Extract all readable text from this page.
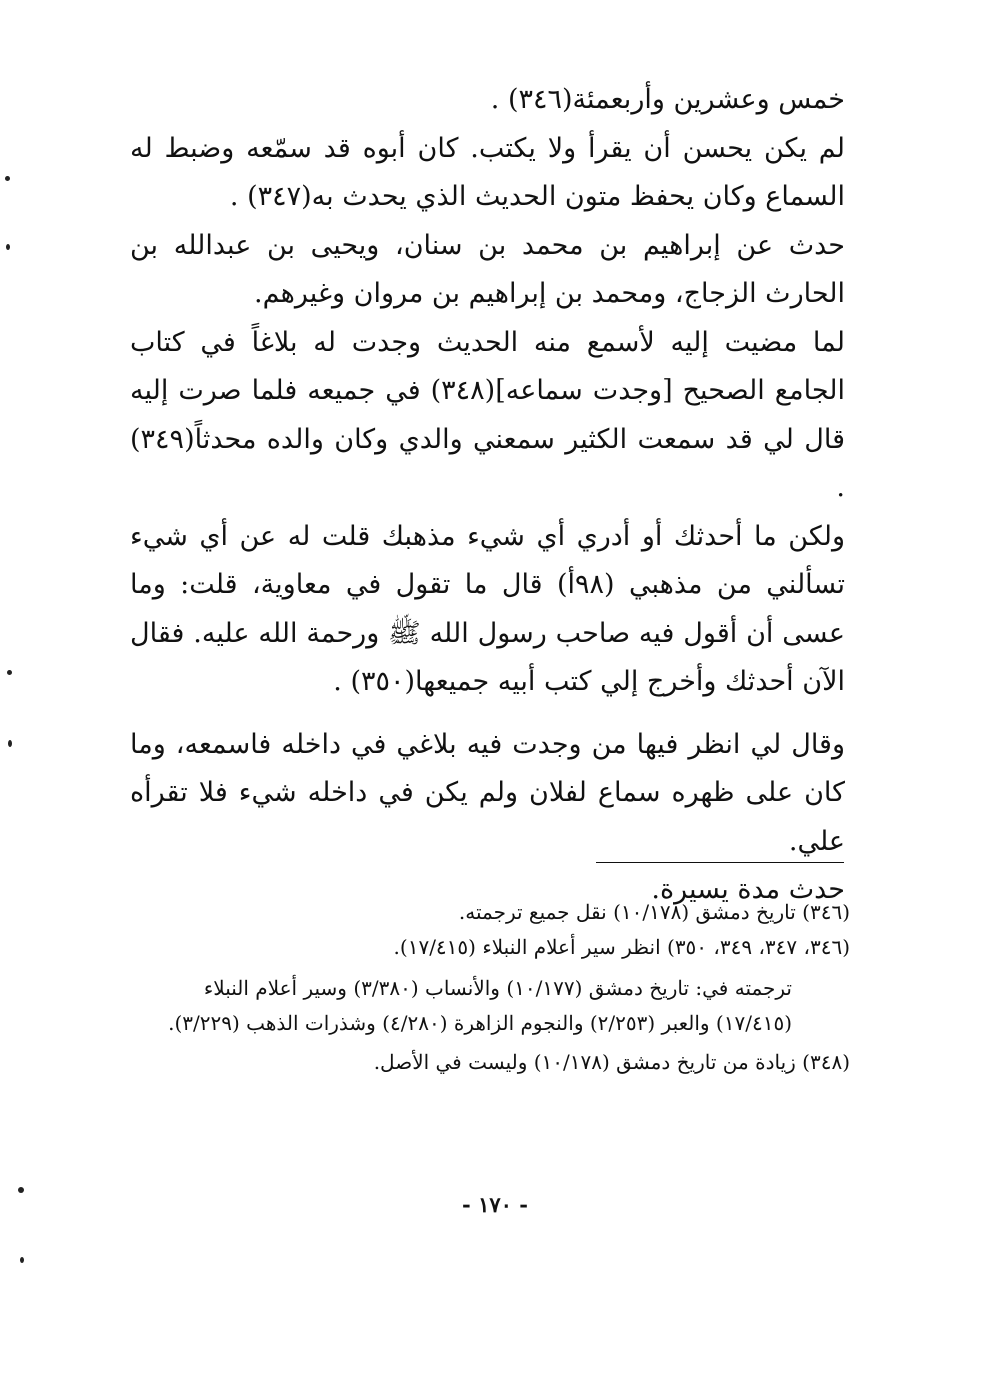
خمس وعشرين وأربعمئة(٣٤٦) .

لم يكن يحسن أن يقرأ ولا يكتب. كان أبوه قد سمّعه وضبط له السماع وكان يحفظ متون الحديث الذي يحدث به(٣٤٧) .

حدث عن إبراهيم بن محمد بن سنان، ويحيى بن عبدالله بن الحارث الزجاج، ومحمد بن إبراهيم بن مروان وغيرهم.

لما مضيت إليه لأسمع منه الحديث وجدت له بلاغاً في كتاب الجامع الصحيح [وجدت سماعه](٣٤٨) في جميعه فلما صرت إليه قال لي قد سمعت الكثير سمعني والدي وكان والده محدثاً(٣٤٩) .

ولكن ما أحدثك أو أدري أي شيء مذهبك قلت له عن أي شيء تسألني من مذهبي (٩٨أ) قال ما تقول في معاوية، قلت: وما عسى أن أقول فيه صاحب رسول الله ﷺ ورحمة الله عليه. فقال الآن أحدثك وأخرج إلي كتب أبيه جميعها(٣٥٠) .

وقال لي انظر فيها من وجدت فيه بلاغي في داخله فاسمعه، وما كان على ظهره سماع لفلان ولم يكن في داخله شيء فلا تقرأه علي.

حدث مدة يسيرة.

(٣٤٦) تاريخ دمشق (١٠/١٧٨) نقل جميع ترجمته.

(٣٤٦، ٣٤٧، ٣٤٩، ٣٥٠) انظر سير أعلام النبلاء (١٧/٤١٥).

ترجمته في: تاريخ دمشق (١٠/١٧٧) والأنساب (٣/٣٨٠) وسير أعلام النبلاء (١٧/٤١٥) والعبر (٢/٢٥٣) والنجوم الزاهرة (٤/٢٨٠) وشذرات الذهب (٣/٢٢٩).

(٣٤٨) زيادة من تاريخ دمشق (١٠/١٧٨) وليست في الأصل.

- ١٧٠ -
